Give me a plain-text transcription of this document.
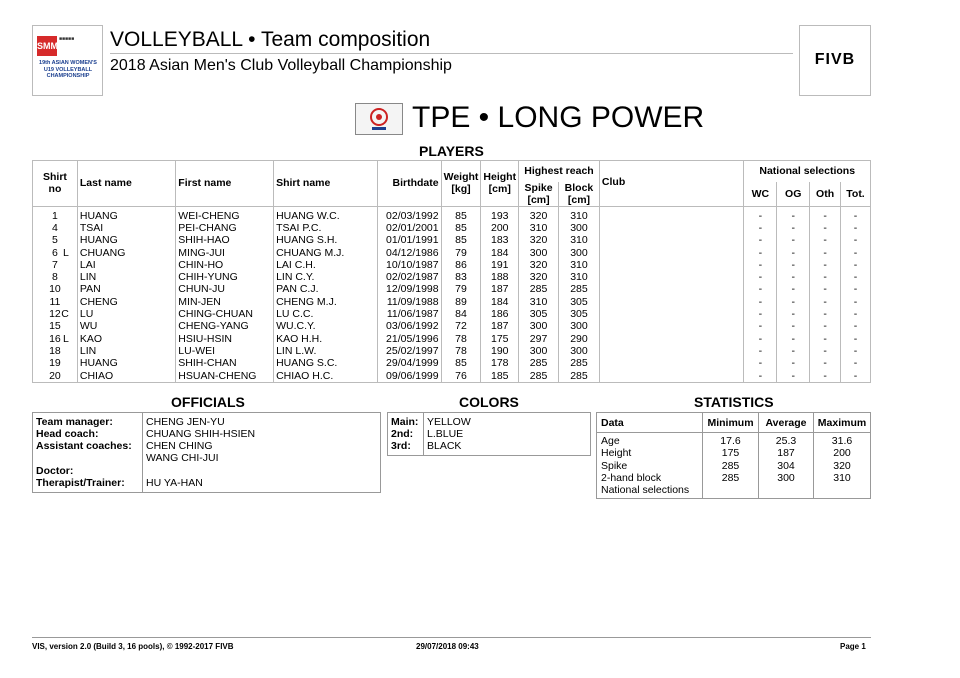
SMM
■■■■■
19th ASIAN WOMEN'S U19 VOLLEYBALL CHAMPIONSHIP
VOLLEYBALL • Team composition
2018 Asian Men's Club Volleyball Championship	FIVB
TPE • LONG POWER
PLAYERS
Shirt no	Last name	First name	Shirt name	Birthdate	Weight [kg]	Height [cm]	Highest reach		Club	National selections			
							Spike [cm]	Block [cm]		WC	OG	Oth	Tot.
1	HUANG	WEI-CHENG	HUANG W.C.	02/03/1992	85	193	320	310		-	-	-	-
4	TSAI	PEI-CHANG	TSAI P.C.	02/01/2001	85	200	310	300		-	-	-	-
5	HUANG	SHIH-HAO	HUANG S.H.	01/01/1991	85	183	320	310		-	-	-	-
6 L	CHUANG	MING-JUI	CHUANG M.J.	04/12/1986	79	184	300	300		-	-	-	-
7	LAI	CHIN-HO	LAI C.H.	10/10/1987	86	191	320	310		-	-	-	-
8	LIN	CHIH-YUNG	LIN C.Y.	02/02/1987	83	188	320	310		-	-	-	-
10	PAN	CHUN-JU	PAN C.J.	12/09/1998	79	187	285	285		-	-	-	-
11	CHENG	MIN-JEN	CHENG M.J.	11/09/1988	89	184	310	305		-	-	-	-
12 C	LU	CHING-CHUAN	LU C.C.	11/06/1987	84	186	305	305		-	-	-	-
15	WU	CHENG-YANG	WU.C.Y.	03/06/1992	72	187	300	300		-	-	-	-
16 L	KAO	HSIU-HSIN	KAO H.H.	21/05/1996	78	175	297	290		-	-	-	-
18	LIN	LU-WEI	LIN L.W.	25/02/1997	78	190	300	300		-	-	-	-
19	HUANG	SHIH-CHAN	HUANG S.C.	29/04/1999	85	178	285	285		-	-	-	-
20	CHIAO	HSUAN-CHENG	CHIAO H.C.	09/06/1999	76	185	285	285		-	-	-	-
OFFICIALS
Team manager:	CHENG JEN-YU
Head coach:	CHUANG SHIH-HSIEN
Assistant coaches: CHEN CHING
WANG CHI-JUI
Doctor:
Therapist/Trainer: HU YA-HAN
COLORS
Main: YELLOW
2nd: L.BLUE
3rd: BLACK
STATISTICS
Data	Minimum	Average	Maximum
Age	17.6	25.3	31.6
Height	175	187	200
Spike	285	304	320
2-hand block	285	300	310
National selections
VIS, version 2.0 (Build 3, 16 pools), © 1992-2017 FIVB	29/07/2018 09:43	Page 1
